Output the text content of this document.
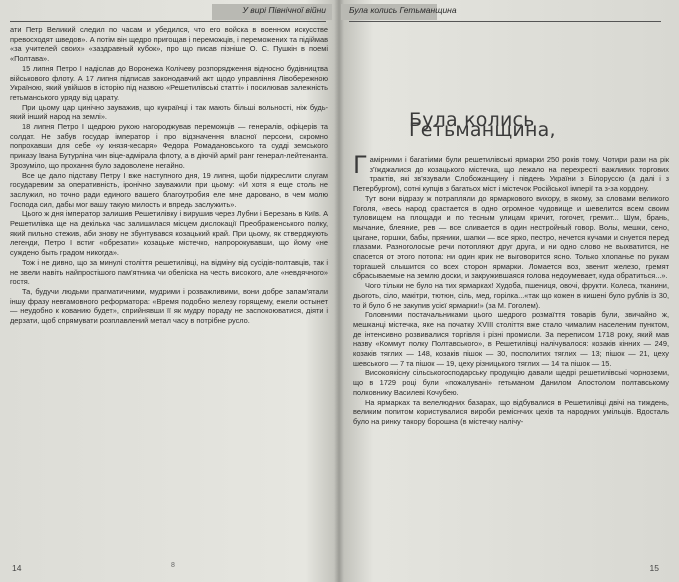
У вирі Північної війни

ати Петр Великий следил по часам и убедился, что его войска в военном искусстве превосходят шведов». А потім він щедро пригощав і переможців, і переможених та підіймав «за учителей своих» «заздравный кубок», про що писав пізніше О. С. Пушкін в поемі «Полтава».

15 липня Петро І надіслав до Воронежа Колічеву розпорядження відносно будівництва військового флоту. А 17 липня підписав законодавчий акт щодо управління Лівобережною Україною, який увійшов в історію під назвою «Решетилівські статті» і посилював залежність гетьманського уряду від царату.

При цьому цар цинічно зауважив, що кукраїнці і так мають більші вольності, ніж будь-який інший народ на землі».

18 липня Петро І щедрою рукою нагороджував переможців — генералів, офіцерів та солдат. Не забув государ імператор і про відзначення власної персони, скромно попрохавши для себе «у князя-кесаря» Федора Ромадановського та судді земського приказу Івана Бутурліна чин віце-адмірала флоту, а в діючій армії ранг генерал-лейтенанта. Зрозуміло, що прохання було задоволене негайно.

Все це дало підставу Петру І вже наступного дня, 19 липня, щоби підкреслити слугам государевим за оперативність, іронічно зауважили при цьому: «И хотя я еще столь не заслужил, но точно ради единого вашего благоутробия еле мне даровано, в чем молю Господа сил, дабы мог вашу такую милость и впредь заслужить».

Цього ж дня імператор залишив Решетилівку і вирушив через Лубни і Березань в Київ. А Решетилівка ще на декілька час залишилася місцем дислокації Преображенського полку, який пильно стежив, аби знову не збунтувався козацький край. При цьому, як стверджують легенди, Петро І встиг «обрезати» козацьке містечко, напророкувавши, що йому «не суждено быть градом никогда».

Тож і не дивно, що за минулі століття решетилівці, на відміну від сусідів-полтавців, так і не звели навіть найпростішого пам'ятника чи обеліска на честь високого, але «невдячного» гостя.

Та, будучи людьми прагматичними, мудрими і розважливими, вони добре запам'ятали іншу фразу невгамовного реформатора: «Время подобно железу горящему, ежели остынет — неудобно к кованию будет», сприйнявши її як мудру пораду не заспокоюватися, діяти і дерзати, щоб спрямувати розплавлений метал часу в потрібне русло.

8
14
Була колись Гетьманщина
Була колись Гетьманщина,

Гамірними і багатіими були решетилівські ярмарки 250 років тому. Чотири рази на рік з'їжджалися до козацького містечка, що лежало на перехресті важливих торгових трактів, які зв'язували Слобожанщину і південь України з Білоруссю (а далі і з Петербургом), сотні купців з багатьох міст і містечок Російської імперії та з-за кордону.

Тут вони відразу ж потрапляли до ярмаркового вихору, в якому, за словами великого Гоголя, «весь народ срастается в одно огромное чудовище и шевелится всем своим туловищем на площади и по тесным улицам кричит, гогочет, гремит... Шум, брань, мычание, блеяние, рев — все сливается в один нестройный говор. Волы, мешки, сено, цыгане, горшки, бабы, пряники, шапки — все ярко, пестро, нечется кучами и снуется перед глазами. Разноголосые речи потопляют друг друга, и ни одно слово не выхватится, не спасется от этого потопа: ни один крик не выговорится ясно. Только хлопанье по рукам торгашей слышится со всех сторон ярмарки. Ломается воз, звенит железо, гремят сбрасываемые на землю доски, и закружившаяся голова недоумевает, куда обратиться...».

Чого тільки не було на тих ярмарках! Худоба, пшениця, овочі, фрукти. Колеса, тканини, дьоготь, сіло, макітри, тютюн, сіль, мед, горілка...«так що кожен в кишені було рублів із 30, то й було б не закупив усієї ярмарки!» (за М. Гоголем).

Головними постачальниками цього шедрого розмаїття товарів були, звичайно ж, мешканці містечка, яке на початку XVIII століття вже стало чималим населеним пунктом, де інтенсивно розвивалися торгівля і різні промисли. За переписом 1718 року, який мав назву «Коммут полку Полтавського», в Решетилівці налічувалося: козаків кінних — 249, козаків тяглих — 148, козаків пішок — 30, посполитих тяглих — 13; пішок — 21, цеху шевського — 7 та пішок — 19, цеху різницького тяглих — 14 та пішок — 15.

Високоякісну сільськогосподарську продукцію давали щедрі решетилівські чорноземи, що в 1729 році були «пожалувані» гетьманом Данилом Апостолом полтавському полковнику Василеві Кочубею.

На ярмарках та велелюдних базарах, що відбувалися в Решетилівці двічі на тиждень, великим попитом користувалися вироби реміснчих цехів та народних умільців. Вдосталь було на ринку такору борошна (в містечку налічу-

15
